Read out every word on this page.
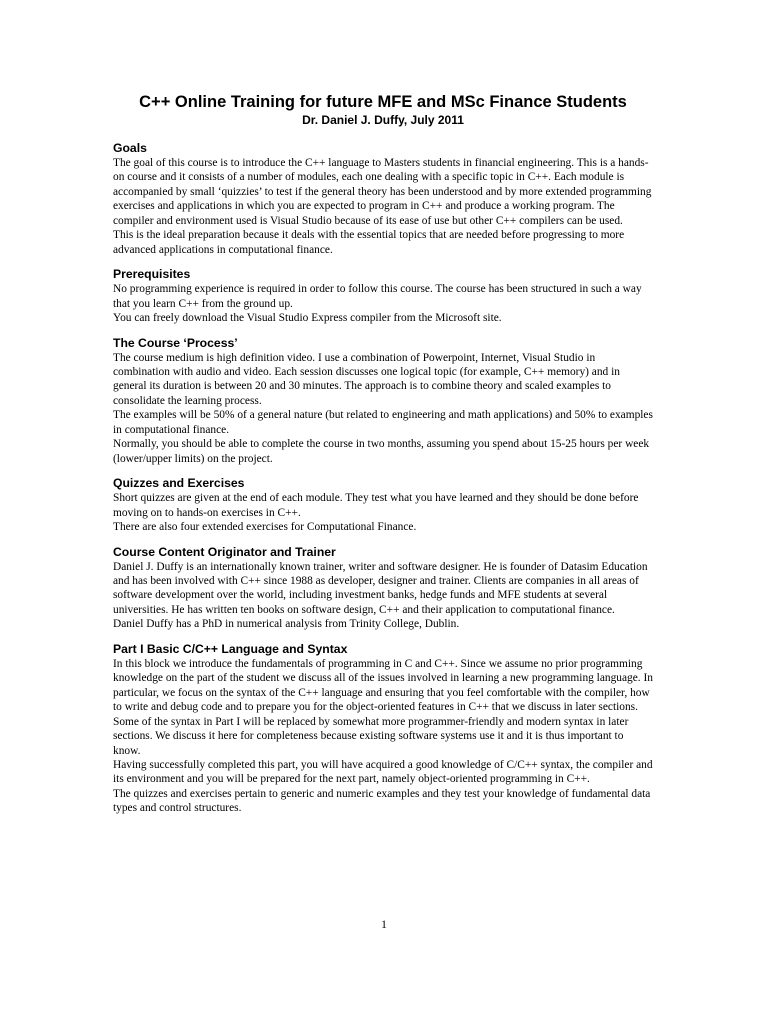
C++ Online Training for future MFE and MSc Finance Students
Dr. Daniel J. Duffy, July 2011
Goals

The goal of this course is to introduce the C++ language to Masters students in financial engineering. This is a hands-on course and it consists of a number of modules, each one dealing with a specific topic in C++. Each module is accompanied by small ‘quizzies’ to test if the general theory has been understood and by more extended programming exercises and applications in which you are expected to program in C++ and produce a working program. The compiler and environment used is Visual Studio because of its ease of use but other C++ compilers can be used.

This is the ideal preparation because it deals with the essential topics that are needed before progressing to more advanced applications in computational finance.

Prerequisites

No programming experience is required in order to follow this course. The course has been structured in such a way that you learn C++ from the ground up.

You can freely download the Visual Studio Express compiler from the Microsoft site.

The Course ‘Process’

The course medium is high definition video. I use a combination of Powerpoint, Internet, Visual Studio in combination with audio and video. Each session discusses one logical topic (for example, C++ memory) and in general its duration is between 20 and 30 minutes. The approach is to combine theory and scaled examples to consolidate the learning process.

The examples will be 50% of a general nature (but related to engineering and math applications) and 50% to examples in computational finance.

Normally, you should be able to complete the course in two months, assuming you spend about 15-25 hours per week (lower/upper limits) on the project.

Quizzes and Exercises

Short quizzes are given at the end of each module. They test what you have learned and they should be done before moving on to hands-on exercises in C++.

There are also four extended exercises for Computational Finance.

Course Content Originator and Trainer

Daniel J. Duffy is an internationally known trainer, writer and software designer. He is founder of Datasim Education and has been involved with C++ since 1988 as developer, designer and trainer. Clients are companies in all areas of software development over the world, including investment banks, hedge funds and MFE students at several universities. He has written ten books on software design, C++ and their application to computational finance.

Daniel Duffy has a PhD in numerical analysis from Trinity College, Dublin.

Part I Basic C/C++ Language and Syntax

In this block we introduce the fundamentals of programming in C and C++. Since we assume no prior programming knowledge on the part of the student we discuss all of the issues involved in learning a new programming language. In particular, we focus on the syntax of the C++ language and ensuring that you feel comfortable with the compiler, how to write and debug code and to prepare you for the object-oriented features in C++ that we discuss in later sections. Some of the syntax in Part I will be replaced by somewhat more programmer-friendly and modern syntax in later sections. We discuss it here for completeness because existing software systems use it and it is thus important to know.

Having successfully completed this part, you will have acquired a good knowledge of C/C++ syntax, the compiler and its environment and you will be prepared for the next part, namely object-oriented programming in C++.

The quizzes and exercises pertain to generic and numeric examples and they test your knowledge of fundamental data types and control structures.

1
